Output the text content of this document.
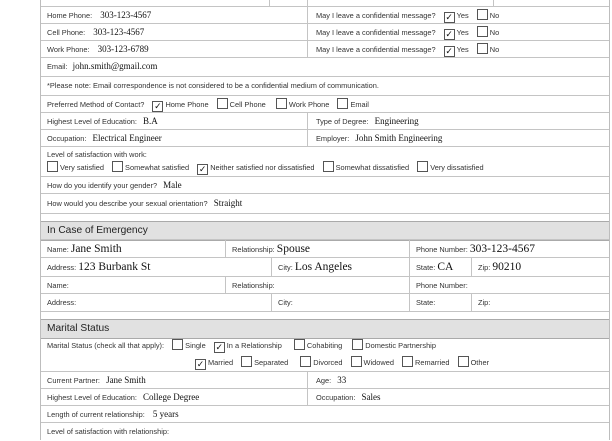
Home Phone: 303-123-4567	May I leave a confidential message? ✓ Yes	No
Cell Phone: 303-123-4567	May I leave a confidential message? ✓ Yes	No
Work Phone: 303-123-6789	May I leave a confidential message? ✓ Yes	No
Email: john.smith@gmail.com
*Please note: Email correspondence is not considered to be a confidential medium of communication.
Preferred Method of Contact? ✓ Home Phone	Cell Phone	Work Phone	Email
Highest Level of Education: B.A	Type of Degree: Engineering
Occupation: Electrical Engineer	Employer: John Smith Engineering
Level of satisfaction with work:
Very satisfied	Somewhat satisfied ✓ Neither satisfied nor dissatisfied	Somewhat dissatisfied	Very dissatisfied
How do you identify your gender? Male
How would you describe your sexual orientation? Straight
In Case of Emergency
Name: Jane Smith	Relationship: Spouse	Phone Number: 303-123-4567
Address: 123 Burbank St	City: Los Angeles	State: CA	Zip: 90210
Name:	Relationship:	Phone Number:
Address:	City:	State:	Zip:
Marital Status
Marital Status (check all that apply):	Single ✓ In a Relationship	Cohabiting	Domestic Partnership
✓ Married	Separated	Divorced	Widowed	Remarried	Other
Current Partner: Jane Smith	Age: 33
Highest Level of Education: College Degree	Occupation: Sales
Length of current relationship: 5 years
Level of satisfaction with relationship:
